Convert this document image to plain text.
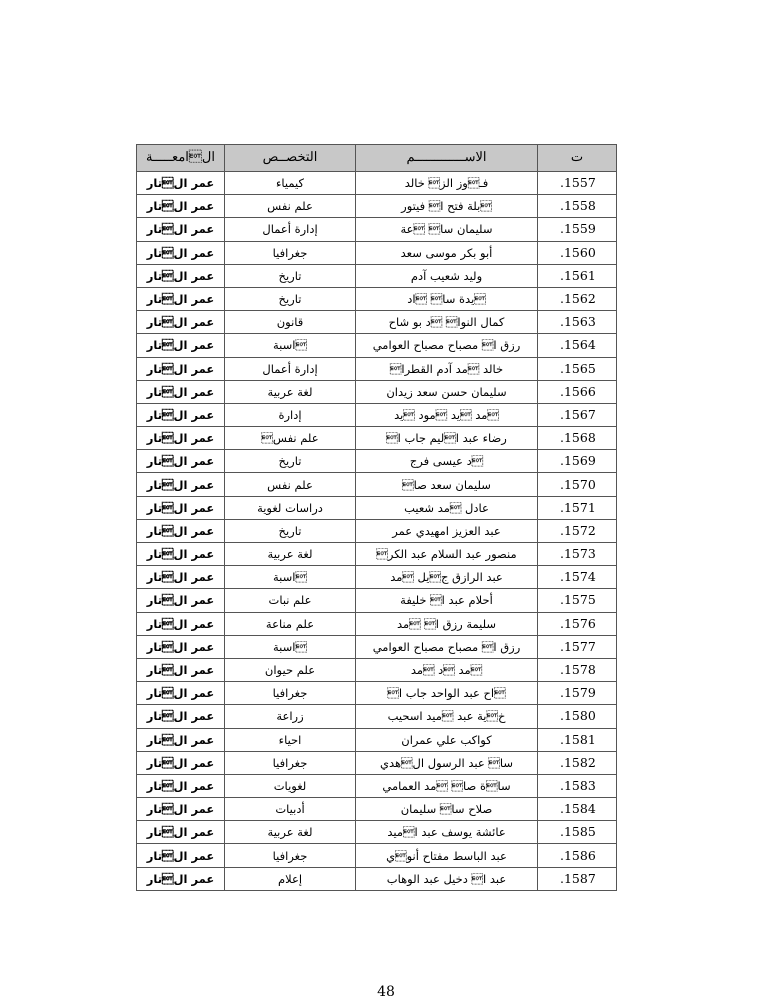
الامعـــــة	التخصــص	الاســـــــــــــم	ت
عمر التار	كيمياء	فـوز الز خالد	.1557
عمر التار	علم نفس	بلة فتح ا فيتور	.1558
عمر التار	إدارة أعمال	سليمان سا عة	.1559
عمر التار	جغرافيا	أبو بكر موسى سعد	.1560
عمر التار	تاريخ	وليد شعيب آدم	.1561
عمر التار	تاريخ	يدة سا اد	.1562
عمر التار	قانون	كمال النوا د بو شاح	.1563
عمر التار	اسبة	رزق ا مصباح مصباح العوامي	.1564
عمر التار	إدارة أعمال	خالد مد آدم القطرا	.1565
عمر التار	لغة عربية	سليمان حسن سعد زيدان	.1566
عمر التار	إدارة	مد يد مود يد	.1567
عمر التار	علم نفس	رضاء عبد اليم جاب ا	.1568
عمر التار	تاريخ	د عيسى فرج	.1569
عمر التار	علم نفس	سليمان سعد صا	.1570
عمر التار	دراسات لغوية	عادل مد شعيب	.1571
عمر التار	تاريخ	عبد العزيز امهيدي عمر	.1572
عمر التار	لغة عربية	منصور عبد السلام عبد الكر	.1573
عمر التار	اسبة	عبد الرازق جيل مد	.1574
عمر التار	علم نبات	أحلام عبد ا خليفة	.1575
عمر التار	علم مناعة	سليمة رزق ا مد	.1576
عمر التار	اسبة	رزق ا مصباح مصباح العوامي	.1577
عمر التار	علم حيوان	مد د مد	.1578
عمر التار	جغرافيا	اح عبد الواحد جاب ا	.1579
عمر التار	زراعة	خية عبد ميد اسحيب	.1580
عمر التار	احياء	كواكب علي عمران	.1581
عمر التار	جغرافيا	سا عبد الرسول الهدي	.1582
عمر التار	لغويات	ساة صا مد العمامي	.1583
عمر التار	أدبيات	صلاح سا سليمان	.1584
عمر التار	لغة عربية	عائشة يوسف عبد اميد	.1585
عمر التار	جغرافيا	عبد الباسط مفتاح أنوي	.1586
عمر التار	إعلام	عبد ا دخيل عبد الوهاب	.1587
48
